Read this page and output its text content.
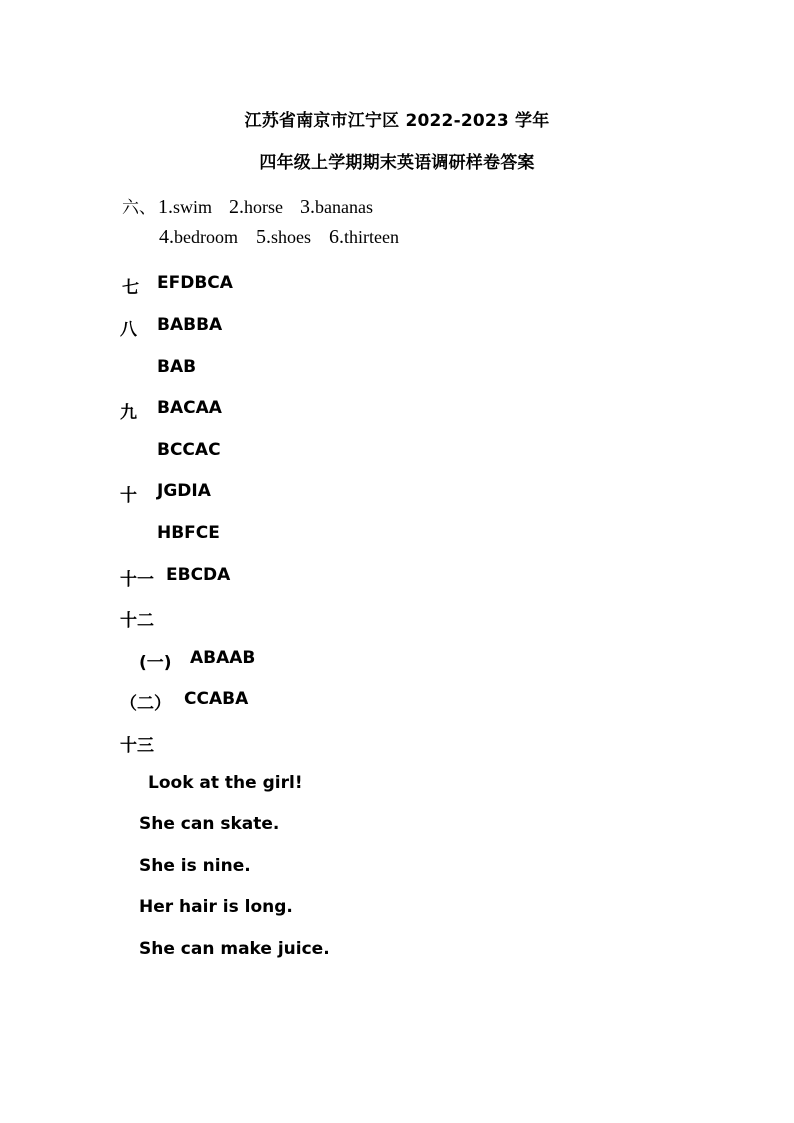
江苏省南京市江宁区 2022-2023 学年
四年级上学期期末英语调研样卷答案
六、 1.swim 2.horse 3.bananas
4.bedroom 5.shoes 6.thirteen
七 EFDBCA
八 BABBA
BAB
九 BACAA
BCCAC
十 JGDIA
HBFCE
十一 EBCDA
十二
(一) ABAAB
（二） CCABA
十三
Look at the girl!
She can skate.
She is nine.
Her hair is long.
She can make juice.
